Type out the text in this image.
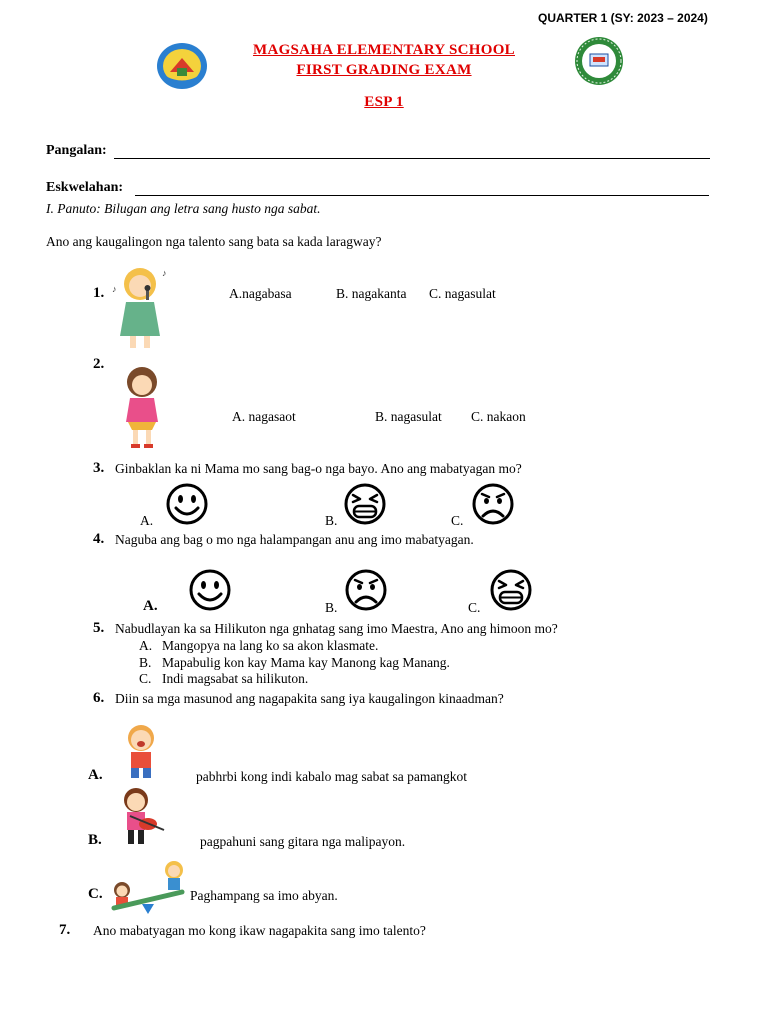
QUARTER 1 (SY: 2023 – 2024)
MAGSAHA ELEMENTARY SCHOOL
FIRST GRADING EXAM
ESP 1
Pangalan:
Eskwelahan:
I. Panuto: Bilugan ang letra sang husto nga sabat.
Ano ang kaugalingon nga talento sang bata sa kada laragway?
1.
♪
♪	A.nagabasa	B. nagakanta C. nagasulat
2.
A. nagasaot	B. nagasulat C. nakaon
3. Ginbaklan ka ni Mama mo sang bag-o nga bayo. Ano ang mabatyagan mo?
A.	B.	C.
4. Naguba ang bag o mo nga halampangan anu ang imo mabatyagan.
A.	B.	C.
5. Nabudlayan ka sa Hilikuton nga gnhatag sang imo Maestra, Ano ang himoon mo?
A. Mangopya na lang ko sa akon klasmate.
B. Mapabulig kon kay Mama kay Manong kag Manang.
C. Indi magsabat sa hilikuton.
6. Diin sa mga masunod ang nagapakita sang iya kaugalingon kinaadman?
A.	pabhrbi kong indi kabalo mag sabat sa pamangkot
B.	pagpahuni sang gitara nga malipayon.
C.	Paghampang sa imo abyan.
7. Ano mabatyagan mo kong ikaw nagapakita sang imo talento?
